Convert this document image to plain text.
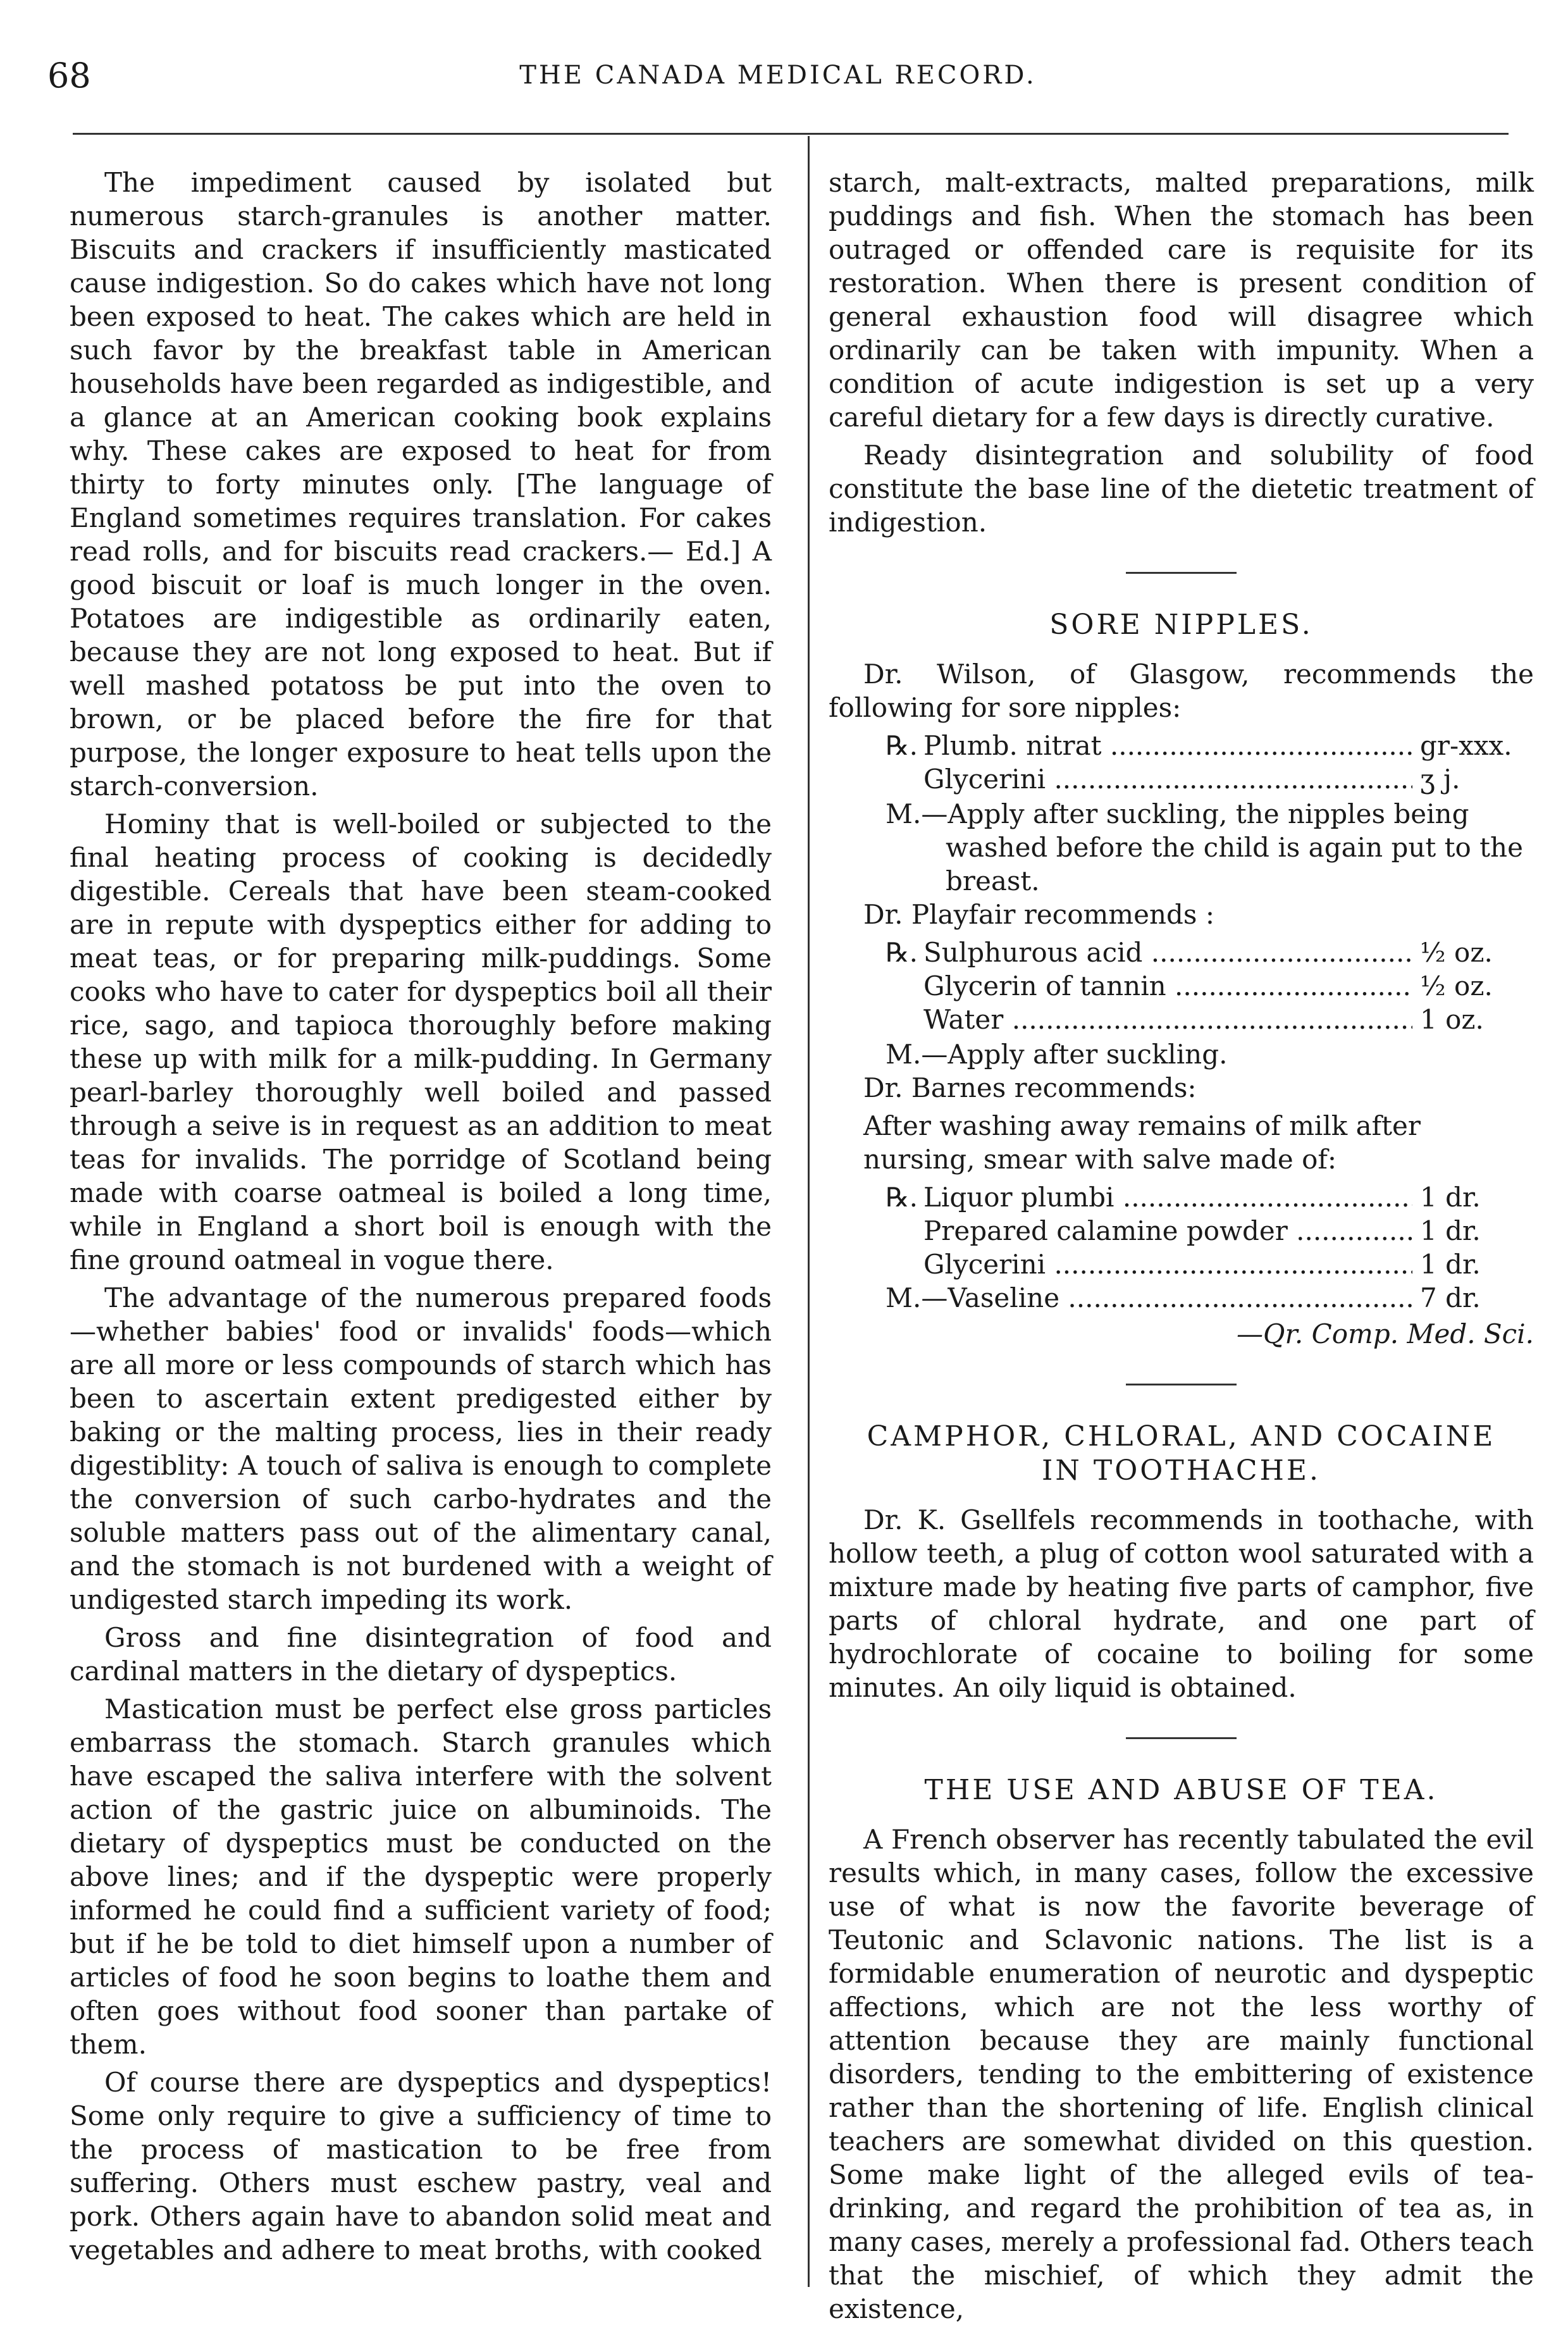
68	THE CANADA MEDICAL RECORD.

The impediment caused by isolated but numerous starch-granules is another matter. Biscuits and crackers if insufficiently masticated cause indigestion. So do cakes which have not long been exposed to heat. The cakes which are held in such favor by the breakfast table in American households have been regarded as indigestible, and a glance at an American cooking book explains why. These cakes are exposed to heat for from thirty to forty minutes only. [The language of England sometimes requires translation. For cakes read rolls, and for biscuits read crackers.— Ed.] A good biscuit or loaf is much longer in the oven. Potatoes are indigestible as ordinarily eaten, because they are not long exposed to heat. But if well mashed potatoss be put into the oven to brown, or be placed before the fire for that purpose, the longer exposure to heat tells upon the starch-conversion.

Hominy that is well-boiled or subjected to the final heating process of cooking is decidedly digestible. Cereals that have been steam-cooked are in repute with dyspeptics either for adding to meat teas, or for preparing milk-puddings. Some cooks who have to cater for dyspeptics boil all their rice, sago, and tapioca thoroughly before making these up with milk for a milk-pudding. In Germany pearl-barley thoroughly well boiled and passed through a seive is in request as an addition to meat teas for invalids. The porridge of Scotland being made with coarse oatmeal is boiled a long time, while in England a short boil is enough with the fine ground oatmeal in vogue there.

The advantage of the numerous prepared foods —whether babies' food or invalids' foods—which are all more or less compounds of starch which has been to ascertain extent predigested either by baking or the malting process, lies in their ready digestiblity: A touch of saliva is enough to complete the conversion of such carbo-hydrates and the soluble matters pass out of the alimentary canal, and the stomach is not burdened with a weight of undigested starch impeding its work.

Gross and fine disintegration of food and cardinal matters in the dietary of dyspeptics.

Mastication must be perfect else gross particles embarrass the stomach. Starch granules which have escaped the saliva interfere with the solvent action of the gastric juice on albuminoids. The dietary of dyspeptics must be conducted on the above lines; and if the dyspeptic were properly informed he could find a sufficient variety of food; but if he be told to diet himself upon a number of articles of food he soon begins to loathe them and often goes without food sooner than partake of them.

Of course there are dyspeptics and dyspeptics! Some only require to give a sufficiency of time to the process of mastication to be free from suffering. Others must eschew pastry, veal and pork. Others again have to abandon solid meat and vegetables and adhere to meat broths, with cooked

starch, malt-extracts, malted preparations, milk puddings and fish. When the stomach has been outraged or offended care is requisite for its restoration. When there is present condition of general exhaustion food will disagree which ordinarily can be taken with impunity. When a condition of acute indigestion is set up a very careful dietary for a few days is directly curative.

Ready disintegration and solubility of food constitute the base line of the dietetic treatment of indigestion.

SORE NIPPLES.

Dr. Wilson, of Glasgow, recommends the following for sore nipples:

℞. Plumb. nitrat .....	gr-xxx.
Glycerini .....	ʒ j.
M.—Apply after suckling, the nipples being washed before the child is again put to the breast.

Dr. Playfair recommends :

℞. Sulphurous acid .....	½ oz.
Glycerin of tannin .....	½ oz.
Water .....	1 oz.
M.—Apply after suckling.

Dr. Barnes recommends:

After washing away remains of milk after nursing, smear with salve made of:

℞. Liquor plumbi .....	1 dr.
Prepared calamine powder .....	1 dr.
Glycerini .....	1 dr.
M.—Vaseline .....	7 dr.
—Qr. Comp. Med. Sci.
CAMPHOR, CHLORAL, AND COCAINE
IN TOOTHACHE.

Dr. K. Gsellfels recommends in toothache, with hollow teeth, a plug of cotton wool saturated with a mixture made by heating five parts of camphor, five parts of chloral hydrate, and one part of hydrochlorate of cocaine to boiling for some minutes. An oily liquid is obtained.

THE USE AND ABUSE OF TEA.

A French observer has recently tabulated the evil results which, in many cases, follow the excessive use of what is now the favorite beverage of Teutonic and Sclavonic nations. The list is a formidable enumeration of neurotic and dyspeptic affections, which are not the less worthy of attention because they are mainly functional disorders, tending to the embittering of existence rather than the shortening of life. English clinical teachers are somewhat divided on this question. Some make light of the alleged evils of tea-drinking, and regard the prohibition of tea as, in many cases, merely a professional fad. Others teach that the mischief, of which they admit the existence,
